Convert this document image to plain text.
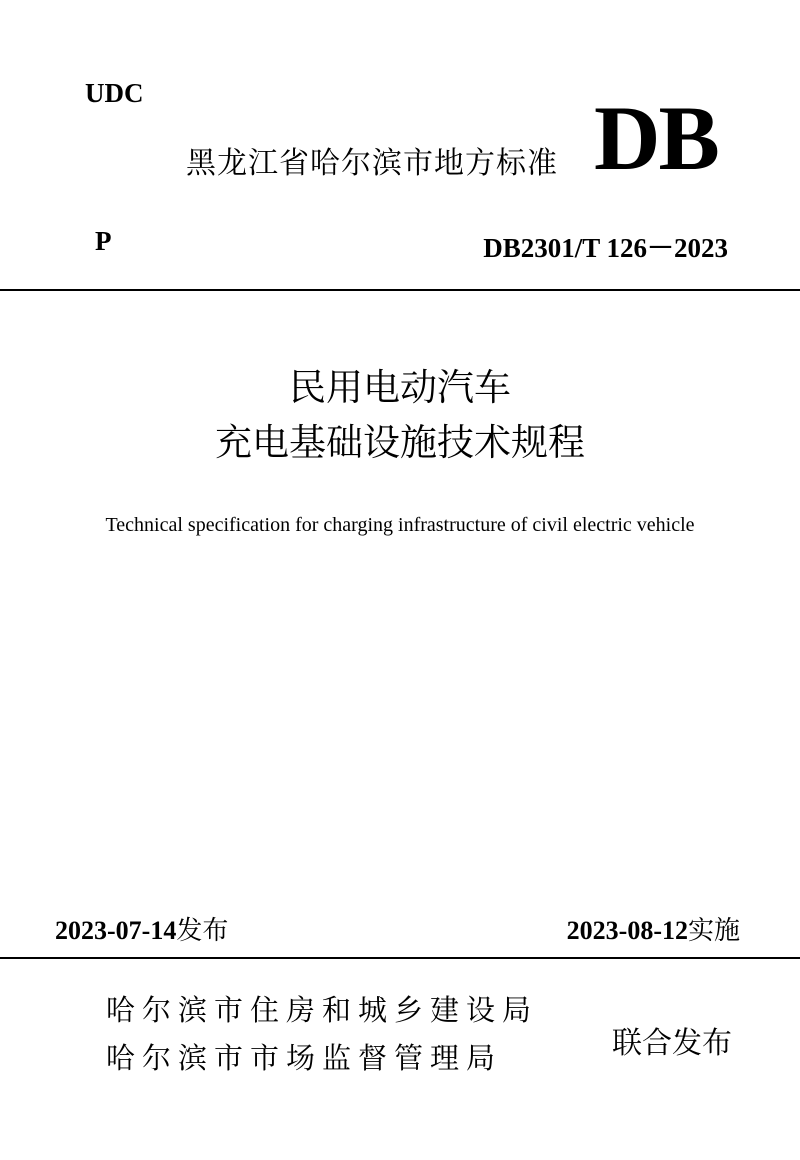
UDC
黑龙江省哈尔滨市地方标准 DB
P	DB2301/T 126－2023
民用电动汽车
充电基础设施技术规程
Technical specification for charging infrastructure of civil electric vehicle
2023-07-14发布	2023-08-12实施
哈尔滨市住房和城乡建设局
哈尔滨市市场监督管理局	联合发布
